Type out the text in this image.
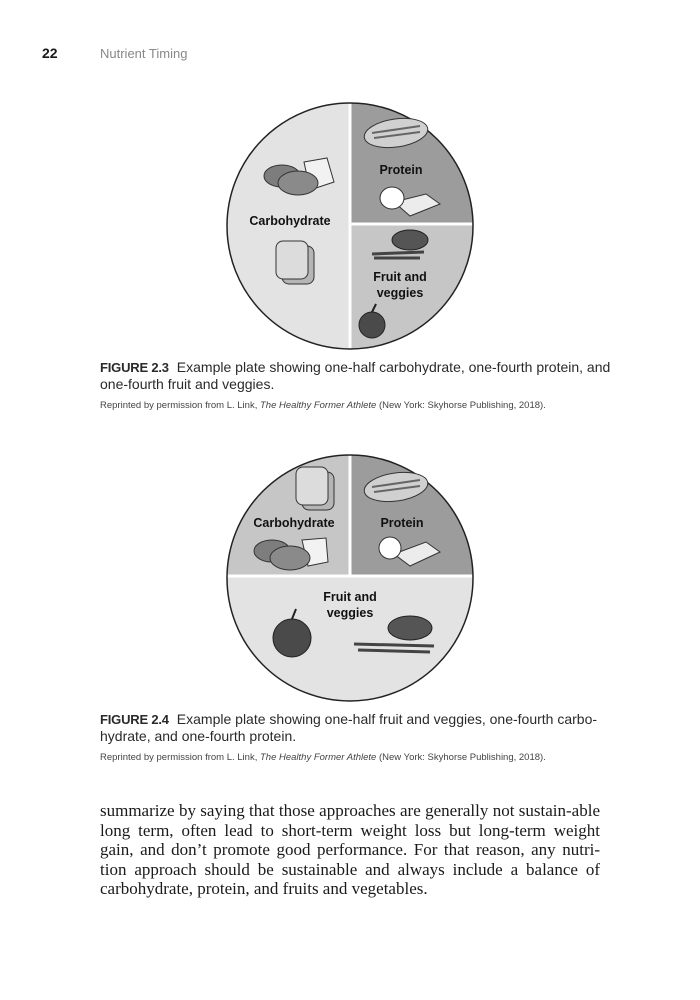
22	Nutrient Timing
Carbohydrate
Protein
Fruit and
veggies
FIGURE 2.3 Example plate showing one-half carbohydrate, one-fourth protein, and one-fourth fruit and veggies.
Reprinted by permission from L. Link, The Healthy Former Athlete (New York: Skyhorse Publishing, 2018).
Carbohydrate	Protein
Fruit and
veggies
FIGURE 2.4 Example plate showing one-half fruit and veggies, one-fourth carbo-hydrate, and one-fourth protein.
Reprinted by permission from L. Link, The Healthy Former Athlete (New York: Skyhorse Publishing, 2018).
summarize by saying that those approaches are generally not sustain-able long term, often lead to short-term weight loss but long-term weight gain, and don’t promote good performance. For that reason, any nutri-tion approach should be sustainable and always include a balance of carbohydrate, protein, and fruits and vegetables.
